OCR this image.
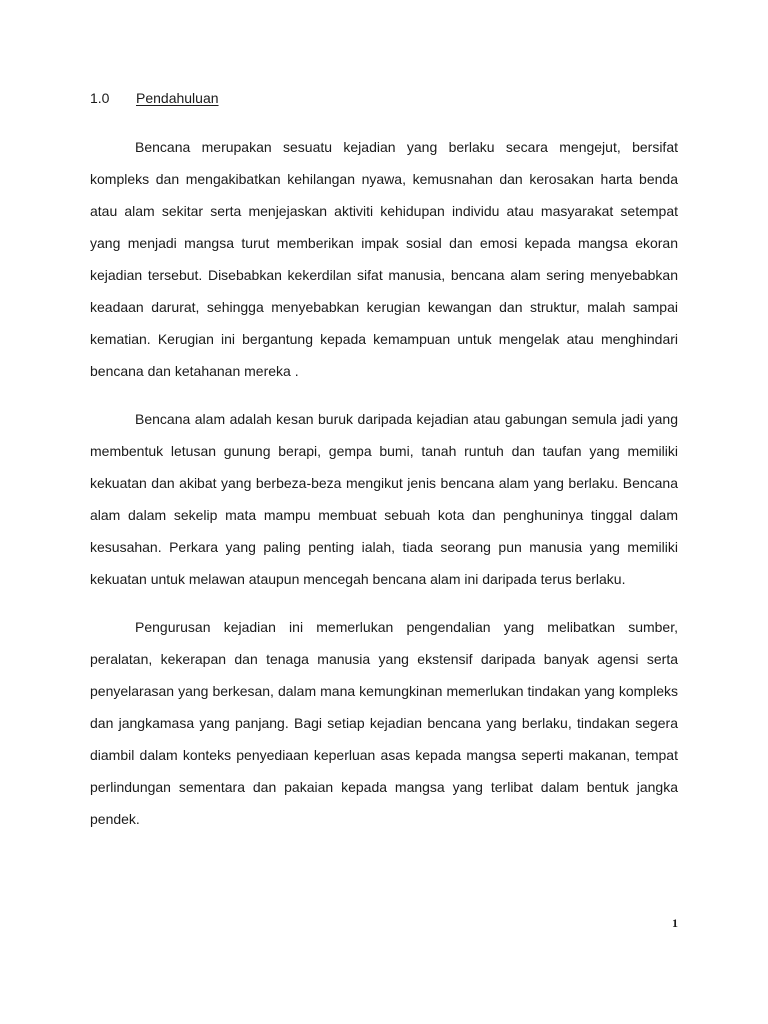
1.0 Pendahuluan

Bencana merupakan sesuatu kejadian yang berlaku secara mengejut, bersifat kompleks dan mengakibatkan kehilangan nyawa, kemusnahan dan kerosakan harta benda atau alam sekitar serta menjejaskan aktiviti kehidupan individu atau masyarakat setempat yang menjadi mangsa turut memberikan impak sosial dan emosi kepada mangsa ekoran kejadian tersebut. Disebabkan kekerdilan sifat manusia, bencana alam sering menyebabkan keadaan darurat, sehingga menyebabkan kerugian kewangan dan struktur, malah sampai kematian. Kerugian ini bergantung kepada kemampuan untuk mengelak atau menghindari bencana dan ketahanan mereka .

Bencana alam adalah kesan buruk daripada kejadian atau gabungan semula jadi yang membentuk letusan gunung berapi, gempa bumi, tanah runtuh dan taufan yang memiliki kekuatan dan akibat yang berbeza-beza mengikut jenis bencana alam yang berlaku. Bencana alam dalam sekelip mata mampu membuat sebuah kota dan penghuninya tinggal dalam kesusahan. Perkara yang paling penting ialah, tiada seorang pun manusia yang memiliki kekuatan untuk melawan ataupun mencegah bencana alam ini daripada terus berlaku.

Pengurusan kejadian ini memerlukan pengendalian yang melibatkan sumber, peralatan, kekerapan dan tenaga manusia yang ekstensif daripada banyak agensi serta penyelarasan yang berkesan, dalam mana kemungkinan memerlukan tindakan yang kompleks dan jangkamasa yang panjang. Bagi setiap kejadian bencana yang berlaku, tindakan segera diambil dalam konteks penyediaan keperluan asas kepada mangsa seperti makanan, tempat perlindungan sementara dan pakaian kepada mangsa yang terlibat dalam bentuk jangka pendek.

1
